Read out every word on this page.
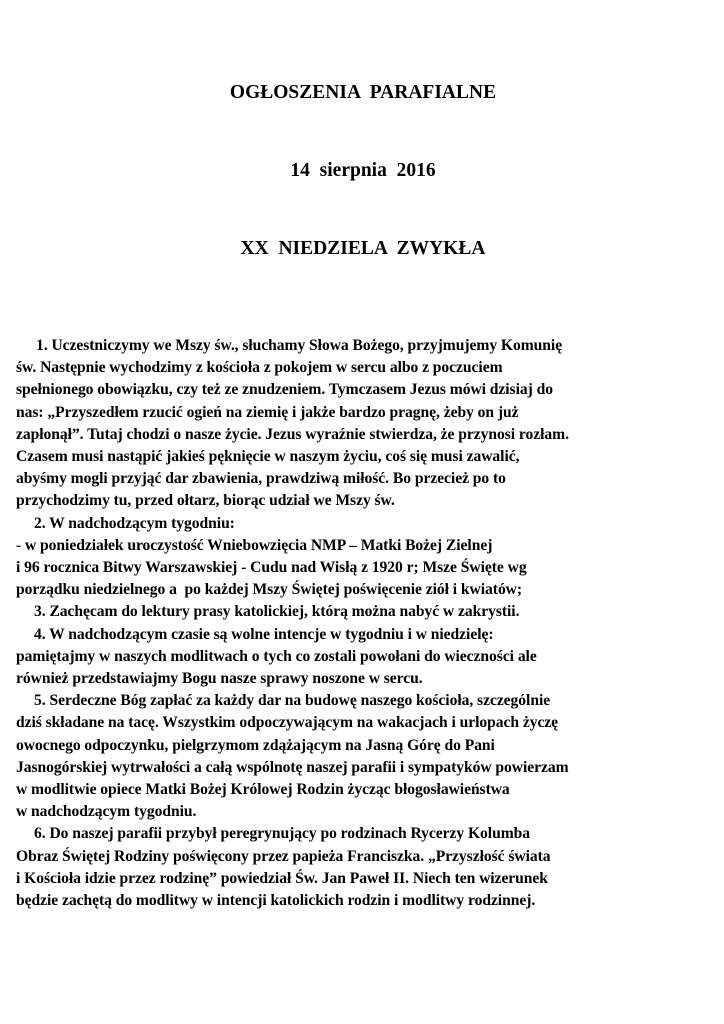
OGŁOSZENIA  PARAFIALNE

14  sierpnia  2016

XX  NIEDZIELA  ZWYKŁA

1. Uczestniczymy we Mszy św., słuchamy Słowa Bożego, przyjmujemy Komunię
św. Następnie wychodzimy z kościoła z pokojem w sercu albo z poczuciem
spełnionego obowiązku, czy też ze znudzeniem. Tymczasem Jezus mówi dzisiaj do
nas: „Przyszedłem rzucić ogień na ziemię i jakże bardzo pragnę, żeby on już
zapłonął”. Tutaj chodzi o nasze życie. Jezus wyraźnie stwierdza, że przynosi rozłam.
Czasem musi nastąpić jakieś pęknięcie w naszym życiu, coś się musi zawalić,
abyśmy mogli przyjąć dar zbawienia, prawdziwą miłość. Bo przecież po to
przychodzimy tu, przed ołtarz, biorąc udział we Mszy św.
2. W nadchodzącym tygodniu:
- w poniedziałek uroczystość Wniebowzięcia NMP – Matki Bożej Zielnej
i 96 rocznica Bitwy Warszawskiej - Cudu nad Wisłą z 1920 r; Msze Święte wg
porządku niedzielnego a  po każdej Mszy Świętej poświęcenie ziół i kwiatów;
3. Zachęcam do lektury prasy katolickiej, którą można nabyć w zakrystii.
4. W nadchodzącym czasie są wolne intencje w tygodniu i w niedzielę:
pamiętajmy w naszych modlitwach o tych co zostali powołani do wieczności ale
również przedstawiajmy Bogu nasze sprawy noszone w sercu.
5. Serdeczne Bóg zapłać za każdy dar na budowę naszego kościoła, szczególnie
dziś składane na tacę. Wszystkim odpoczywającym na wakacjach i urlopach życzę
owocnego odpoczynku, pielgrzymom zdążającym na Jasną Górę do Pani
Jasnogórskiej wytrwałości a całą wspólnotę naszej parafii i sympatyków powierzam
w modlitwie opiece Matki Bożej Królowej Rodzin życząc błogosławieństwa
w nadchodzącym tygodniu.
6. Do naszej parafii przybył peregrynujący po rodzinach Rycerzy Kolumba
Obraz Świętej Rodziny poświęcony przez papieża Franciszka. „Przyszłość świata
i Kościoła idzie przez rodzinę” powiedział Św. Jan Paweł II. Niech ten wizerunek
będzie zachętą do modlitwy w intencji katolickich rodzin i modlitwy rodzinnej.
